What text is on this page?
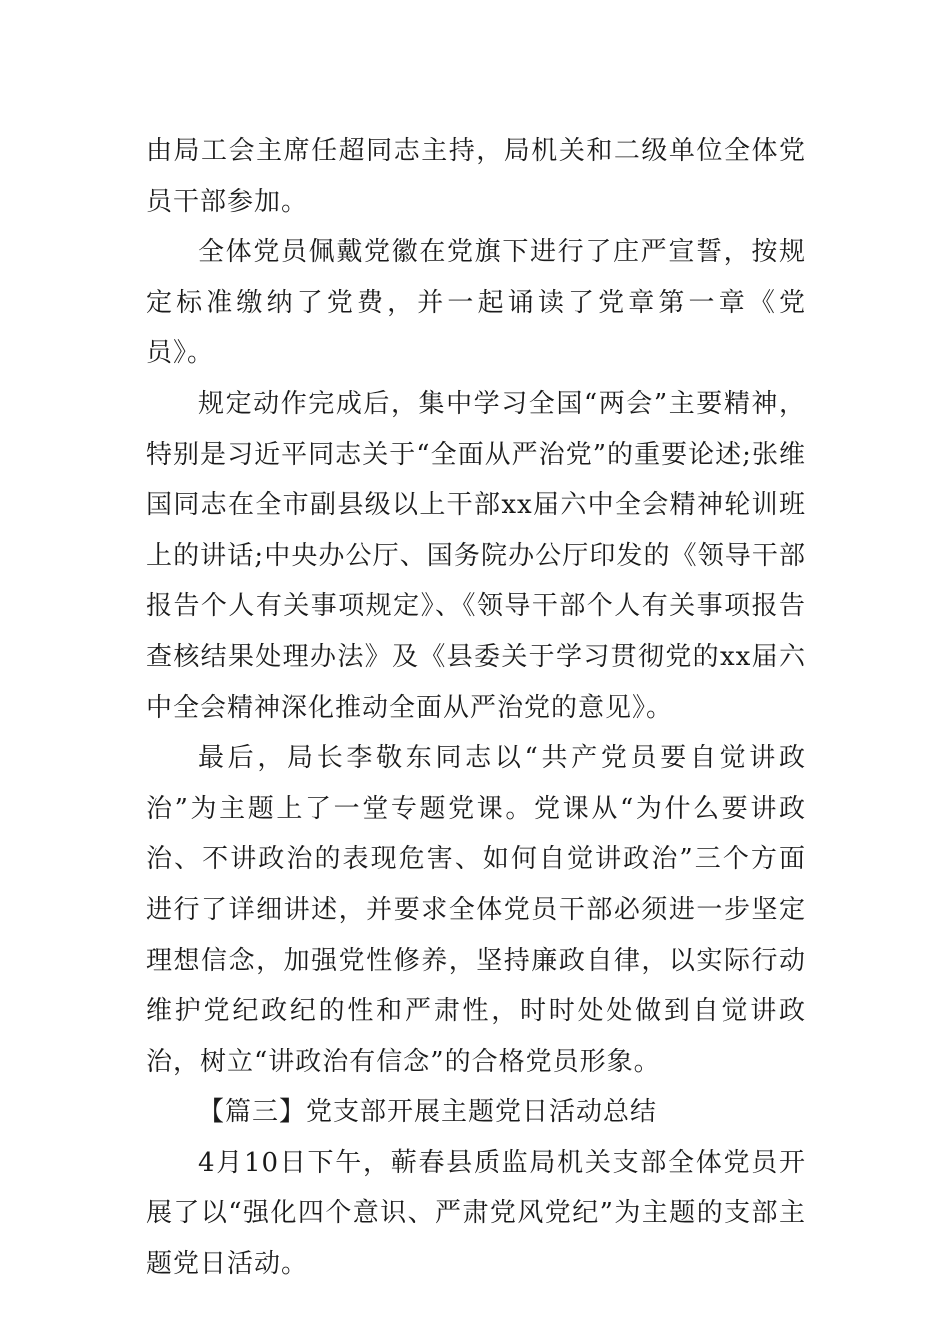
由局工会主席任超同志主持，局机关和二级单位全体党员干部参加。

全体党员佩戴党徽在党旗下进行了庄严宣誓，按规定标准缴纳了党费，并一起诵读了党章第一章《党员》。

规定动作完成后，集中学习全国“两会”主要精神，特别是习近平同志关于“全面从严治党”的重要论述;张维国同志在全市副县级以上干部xx届六中全会精神轮训班上的讲话;中央办公厅、国务院办公厅印发的《领导干部报告个人有关事项规定》、《领导干部个人有关事项报告查核结果处理办法》及《县委关于学习贯彻党的xx届六中全会精神深化推动全面从严治党的意见》。

最后，局长李敬东同志以“共产党员要自觉讲政治”为主题上了一堂专题党课。党课从“为什么要讲政治、不讲政治的表现危害、如何自觉讲政治”三个方面进行了详细讲述，并要求全体党员干部必须进一步坚定理想信念，加强党性修养，坚持廉政自律，以实际行动维护党纪政纪的性和严肃性，时时处处做到自觉讲政治，树立“讲政治有信念”的合格党员形象。

【篇三】党支部开展主题党日活动总结

4月10日下午，蕲春县质监局机关支部全体党员开展了以“强化四个意识、严肃党风党纪”为主题的支部主题党日活动。
